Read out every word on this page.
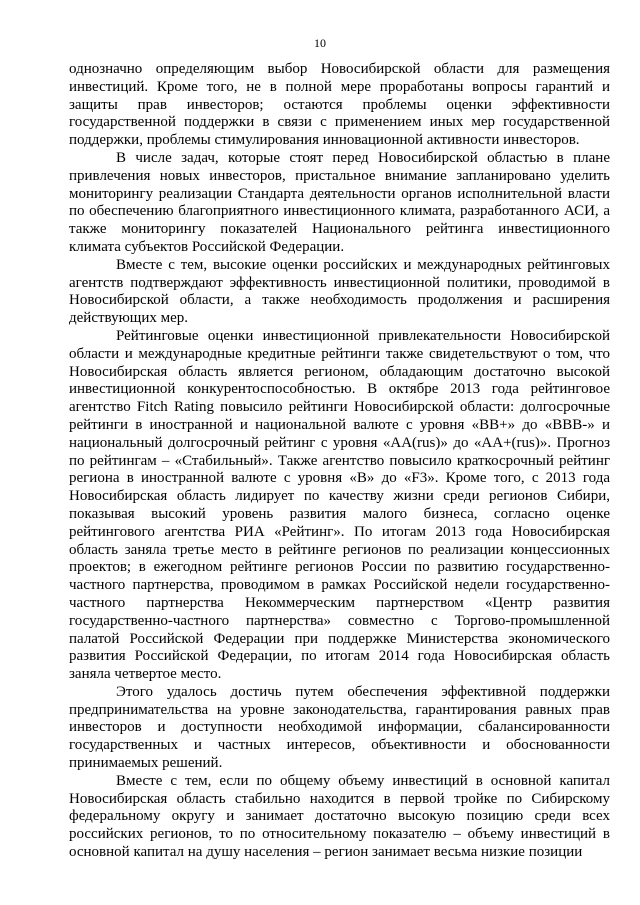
10

однозначно определяющим выбор Новосибирской области для размещения инвестиций. Кроме того, не в полной мере проработаны вопросы гарантий и защиты прав инвесторов; остаются проблемы оценки эффективности государственной поддержки в связи с применением иных мер государственной поддержки, проблемы стимулирования инновационной активности инвесторов.

В числе задач, которые стоят перед Новосибирской областью в плане привлечения новых инвесторов, пристальное внимание запланировано уделить мониторингу реализации Стандарта деятельности органов исполнительной власти по обеспечению благоприятного инвестиционного климата, разработанного АСИ, а также мониторингу показателей Национального рейтинга инвестиционного климата субъектов Российской Федерации.

Вместе с тем, высокие оценки российских и международных рейтинговых агентств подтверждают эффективность инвестиционной политики, проводимой в Новосибирской области, а также необходимость продолжения и расширения действующих мер.

Рейтинговые оценки инвестиционной привлекательности Новосибирской области и международные кредитные рейтинги также свидетельствуют о том, что Новосибирская область является регионом, обладающим достаточно высокой инвестиционной конкурентоспособностью. В октябре 2013 года рейтинговое агентство Fitch Rating повысило рейтинги Новосибирской области: долгосрочные рейтинги в иностранной и национальной валюте с уровня «ВВ+» до «ВВВ-» и национальный долгосрочный рейтинг с уровня «АА(rus)» до «АА+(rus)». Прогноз по рейтингам – «Стабильный». Также агентство повысило краткосрочный рейтинг региона в иностранной валюте с уровня «В» до «F3». Кроме того, с 2013 года Новосибирская область лидирует по качеству жизни среди регионов Сибири, показывая высокий уровень развития малого бизнеса, согласно оценке рейтингового агентства РИА «Рейтинг». По итогам 2013 года Новосибирская область заняла третье место в рейтинге регионов по реализации концессионных проектов; в ежегодном рейтинге регионов России по развитию государственно-частного партнерства, проводимом в рамках Российской недели государственно-частного партнерства Некоммерческим партнерством «Центр развития государственно-частного партнерства» совместно с Торгово-промышленной палатой Российской Федерации при поддержке Министерства экономического развития Российской Федерации, по итогам 2014 года Новосибирская область заняла четвертое место.

Этого удалось достичь путем обеспечения эффективной поддержки предпринимательства на уровне законодательства, гарантирования равных прав инвесторов и доступности необходимой информации, сбалансированности государственных и частных интересов, объективности и обоснованности принимаемых решений.

Вместе с тем, если по общему объему инвестиций в основной капитал Новосибирская область стабильно находится в первой тройке по Сибирскому федеральному округу и занимает достаточно высокую позицию среди всех российских регионов, то по относительному показателю – объему инвестиций в основной капитал на душу населения – регион занимает весьма низкие позиции
